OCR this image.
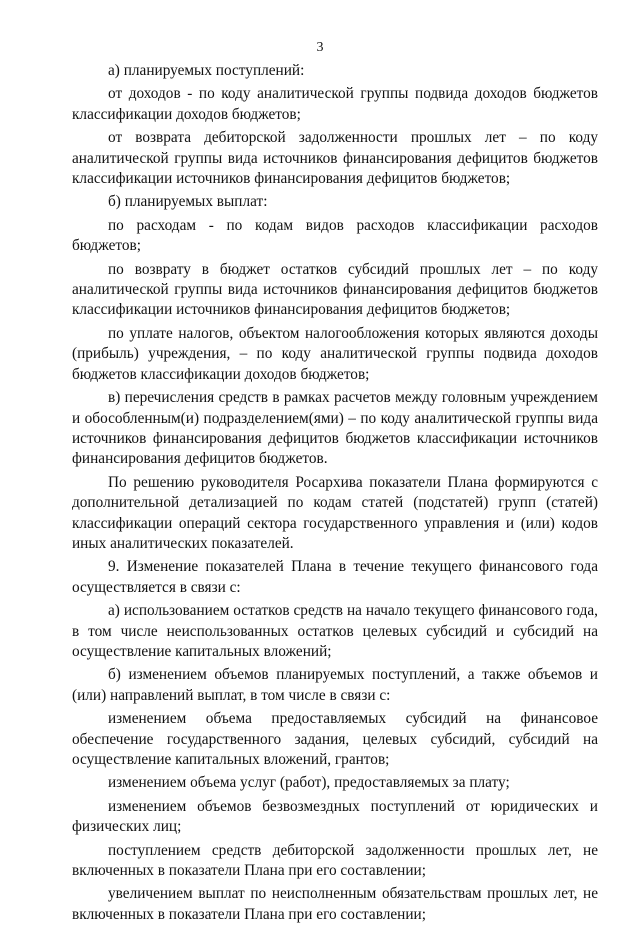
3

а) планируемых поступлений:

от доходов - по коду аналитической группы подвида доходов бюджетов классификации доходов бюджетов;

от возврата дебиторской задолженности прошлых лет – по коду аналитической группы вида источников финансирования дефицитов бюджетов классификации источников финансирования дефицитов бюджетов;

б) планируемых выплат:

по расходам - по кодам видов расходов классификации расходов бюджетов;

по возврату в бюджет остатков субсидий прошлых лет – по коду аналитической группы вида источников финансирования дефицитов бюджетов классификации источников финансирования дефицитов бюджетов;

по уплате налогов, объектом налогообложения которых являются доходы (прибыль) учреждения, – по коду аналитической группы подвида доходов бюджетов классификации доходов бюджетов;

в) перечисления средств в рамках расчетов между головным учреждением и обособленным(и) подразделением(ями) – по коду аналитической группы вида источников финансирования дефицитов бюджетов классификации источников финансирования дефицитов бюджетов.

По решению руководителя Росархива показатели Плана формируются с дополнительной детализацией по кодам статей (подстатей) групп (статей) классификации операций сектора государственного управления и (или) кодов иных аналитических показателей.

9. Изменение показателей Плана в течение текущего финансового года осуществляется в связи с:

а) использованием остатков средств на начало текущего финансового года, в том числе неиспользованных остатков целевых субсидий и субсидий на осуществление капитальных вложений;

б) изменением объемов планируемых поступлений, а также объемов и (или) направлений выплат, в том числе в связи с:

изменением объема предоставляемых субсидий на финансовое обеспечение государственного задания, целевых субсидий, субсидий на осуществление капитальных вложений, грантов;

изменением объема услуг (работ), предоставляемых за плату;

изменением объемов безвозмездных поступлений от юридических и физических лиц;

поступлением средств дебиторской задолженности прошлых лет, не включенных в показатели Плана при его составлении;

увеличением выплат по неисполненным обязательствам прошлых лет, не включенных в показатели Плана при его составлении;
